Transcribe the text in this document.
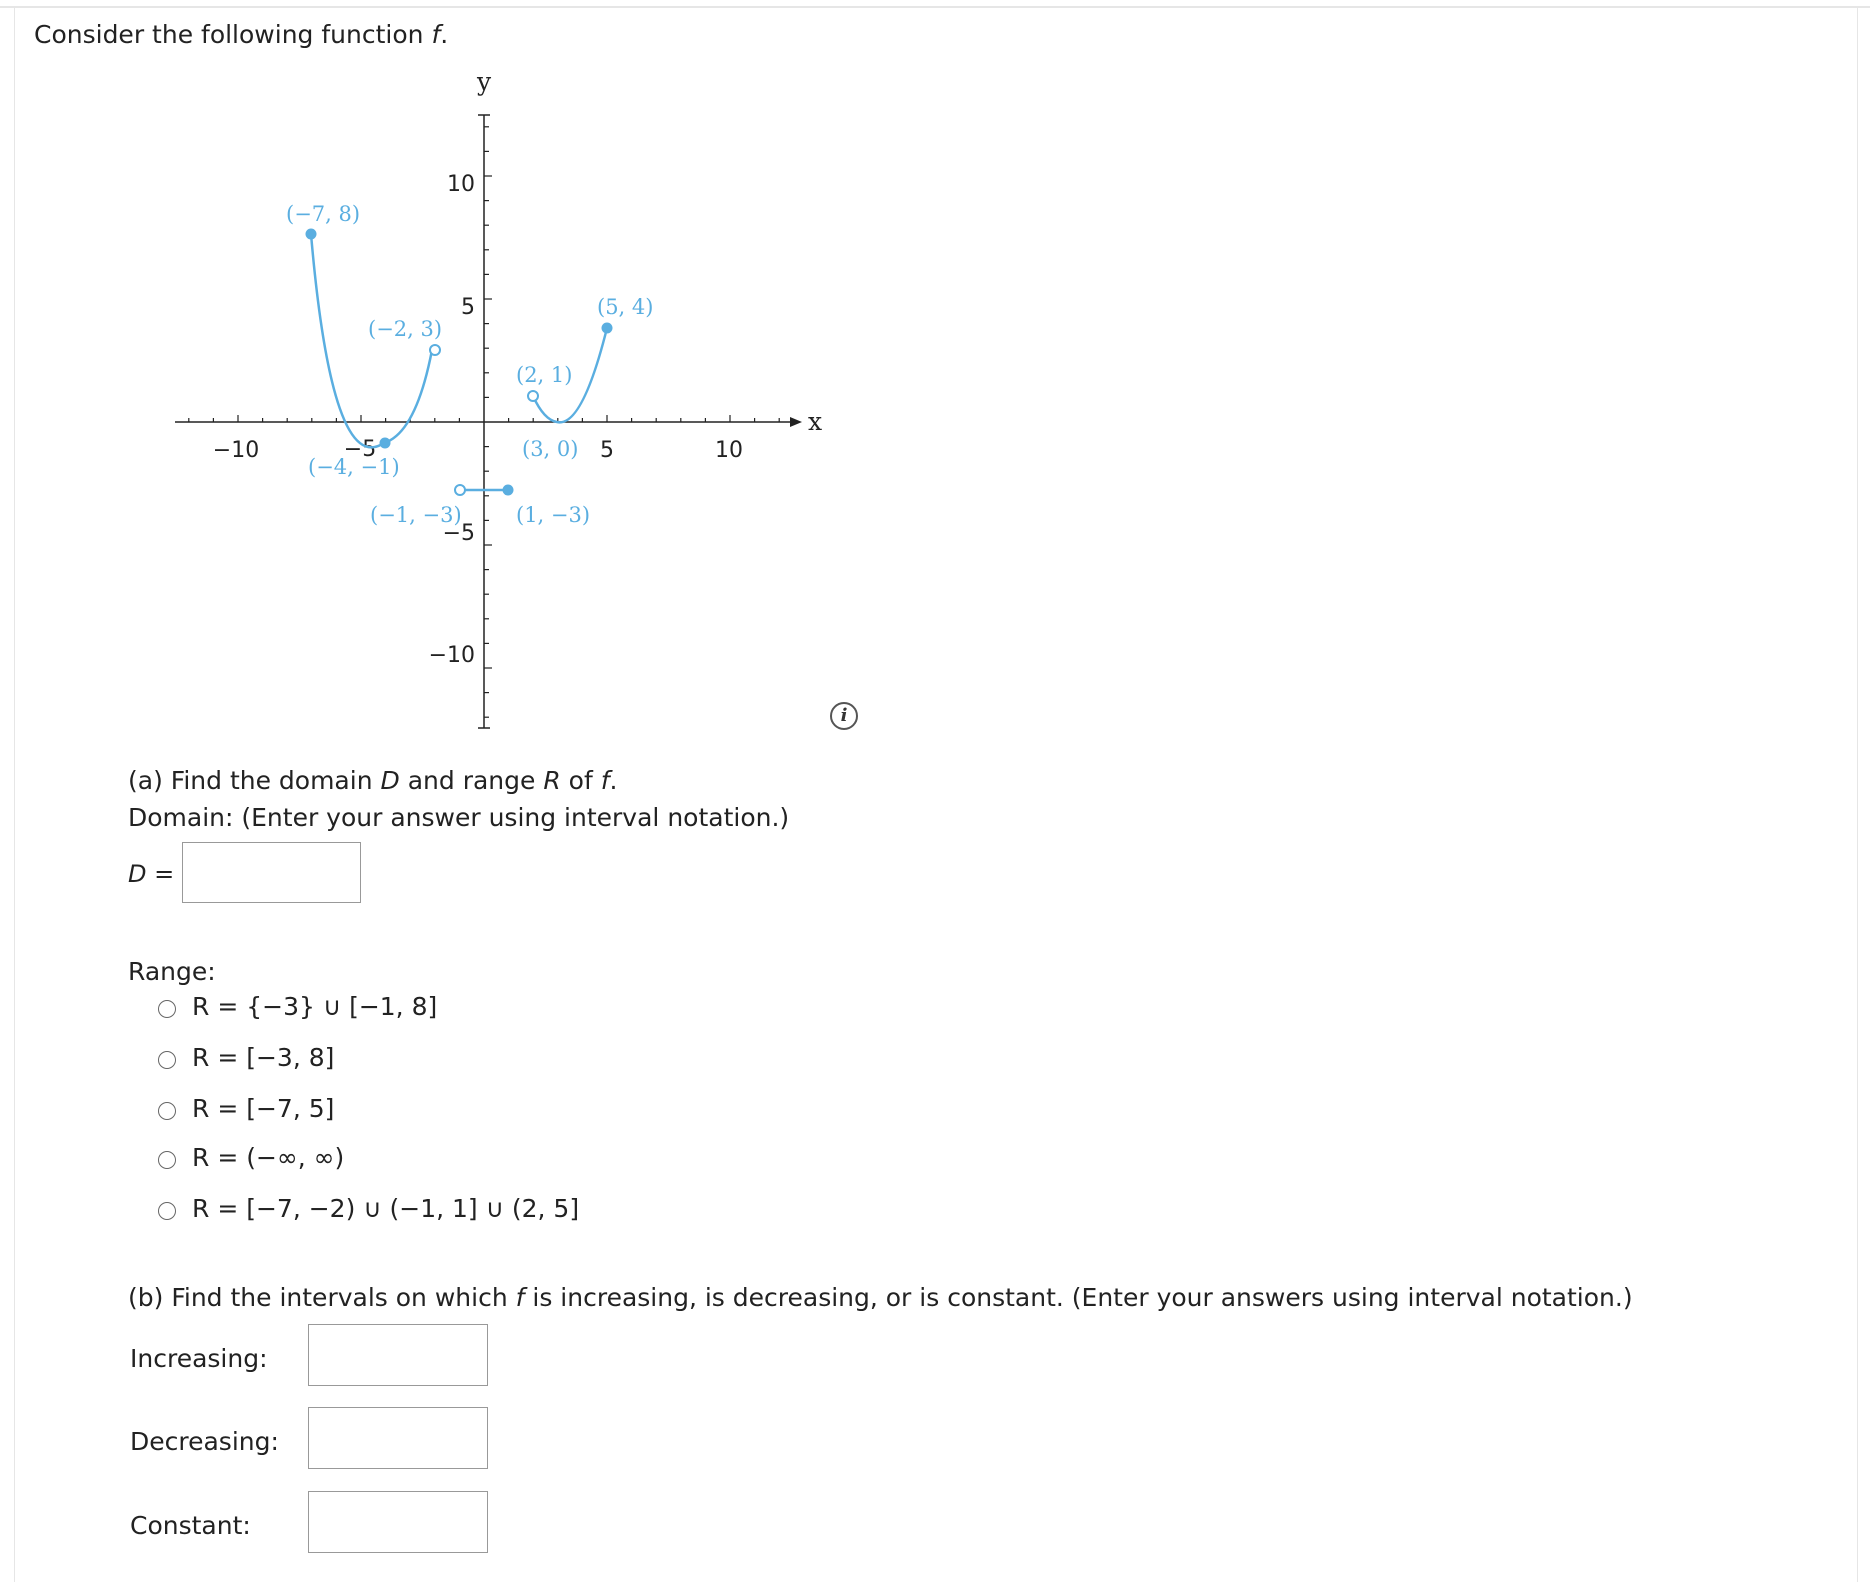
Consider the following function f.
y
x
−10	−5	5	10
10
5
−5
−10
(−7, 8)
(−2, 3)
(−4, −1)
(−1, −3)	(1, −3)
(2, 1)
(3, 0)
(5, 4)
i
(a) Find the domain D and range R of f.
Domain: (Enter your answer using interval notation.)
D =
Range:
R = {−3} ∪ [−1, 8]
R = [−3, 8]
R = [−7, 5]
R = (−∞, ∞)
R = [−7, −2) ∪ (−1, 1] ∪ (2, 5]
(b) Find the intervals on which f is increasing, is decreasing, or is constant. (Enter your answers using interval notation.)
Increasing:
Decreasing:
Constant:
